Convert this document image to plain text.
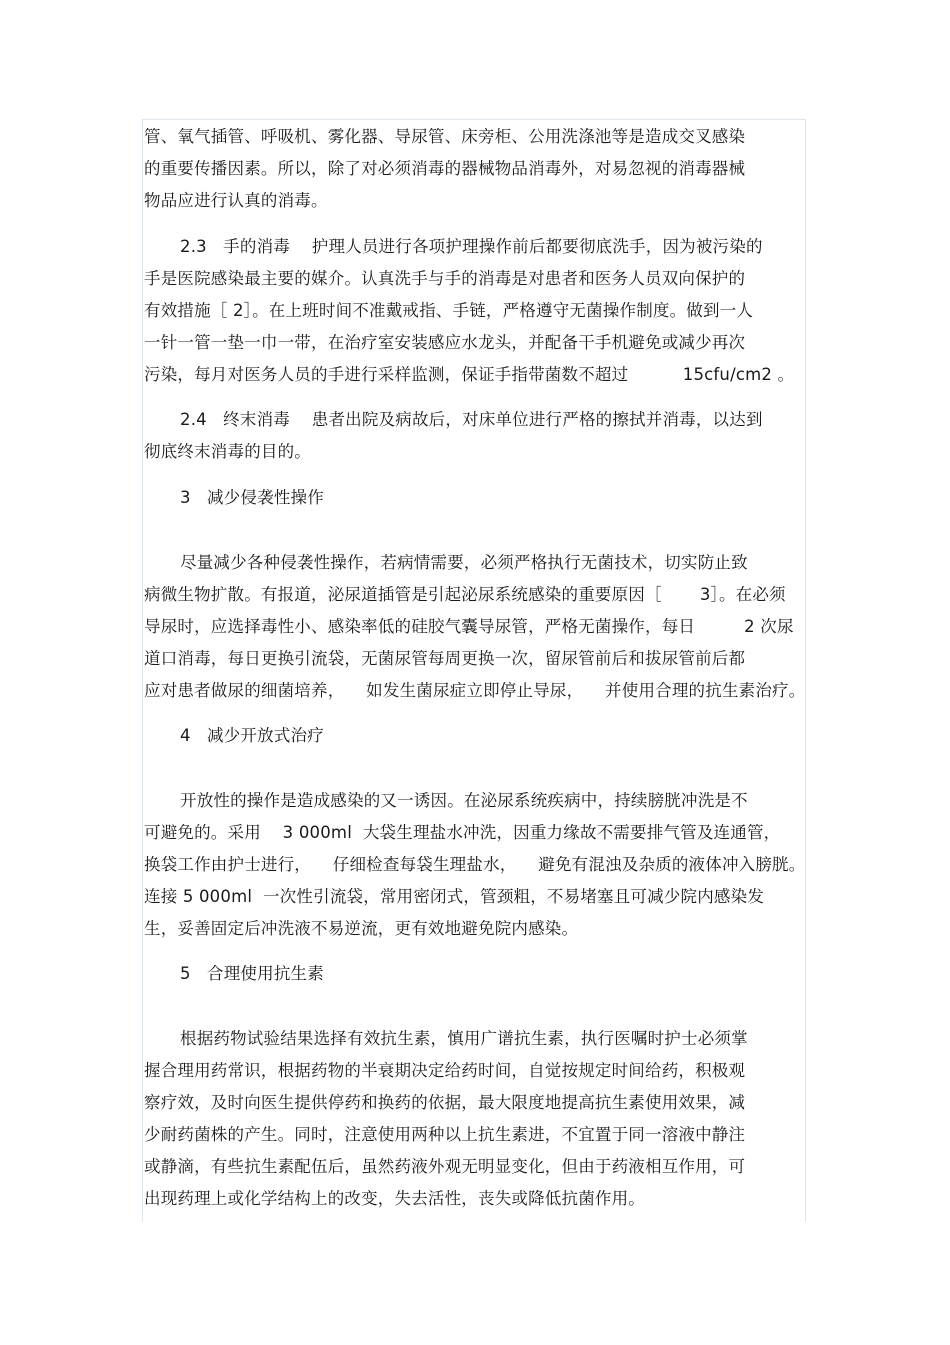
管、氧气插管、呼吸机、雾化器、导尿管、床旁柜、公用洗涤池等是造成交叉感染
的重要传播因素。所以，除了对必须消毒的器械物品消毒外，对易忽视的消毒器械
物品应进行认真的消毒。
2.3   手的消毒    护理人员进行各项护理操作前后都要彻底洗手，因为被污染的
手是医院感染最主要的媒介。认真洗手与手的消毒是对患者和医务人员双向保护的
有效措施［ 2］。在上班时间不准戴戒指、手链，严格遵守无菌操作制度。做到一人
一针一管一垫一巾一带，在治疗室安装感应水龙头，并配备干手机避免或减少再次
污染，每月对医务人员的手进行采样监测，保证手指带菌数不超过          15cfu/cm2 。
2.4   终末消毒    患者出院及病故后，对床单位进行严格的擦拭并消毒，以达到
彻底终末消毒的目的。
3   减少侵袭性操作
尽量减少各种侵袭性操作，若病情需要，必须严格执行无菌技术，切实防止致
病微生物扩散。有报道，泌尿道插管是引起泌尿系统感染的重要原因［       3］。在必须
导尿时，应选择毒性小、感染率低的硅胶气囊导尿管，严格无菌操作，每日         2 次尿
道口消毒，每日更换引流袋，无菌尿管每周更换一次，留尿管前后和拔尿管前后都
应对患者做尿的细菌培养，    如发生菌尿症立即停止导尿，    并使用合理的抗生素治疗。
4   减少开放式治疗
开放性的操作是造成感染的又一诱因。在泌尿系统疾病中，持续膀胱冲洗是不
可避免的。采用    3 000ml  大袋生理盐水冲洗，因重力缘故不需要排气管及连通管，
换袋工作由护士进行，    仔细检查每袋生理盐水，    避免有混浊及杂质的液体冲入膀胱。
连接 5 000ml  一次性引流袋，常用密闭式，管颈粗，不易堵塞且可减少院内感染发
生，妥善固定后冲洗液不易逆流，更有效地避免院内感染。
5   合理使用抗生素
根据药物试验结果选择有效抗生素，慎用广谱抗生素，执行医嘱时护士必须掌
握合理用药常识，根据药物的半衰期决定给药时间，自觉按规定时间给药，积极观
察疗效，及时向医生提供停药和换药的依据，最大限度地提高抗生素使用效果，减
少耐药菌株的产生。同时，注意使用两种以上抗生素进，不宜置于同一溶液中静注
或静滴，有些抗生素配伍后，虽然药液外观无明显变化，但由于药液相互作用，可
出现药理上或化学结构上的改变，失去活性，丧失或降低抗菌作用。
